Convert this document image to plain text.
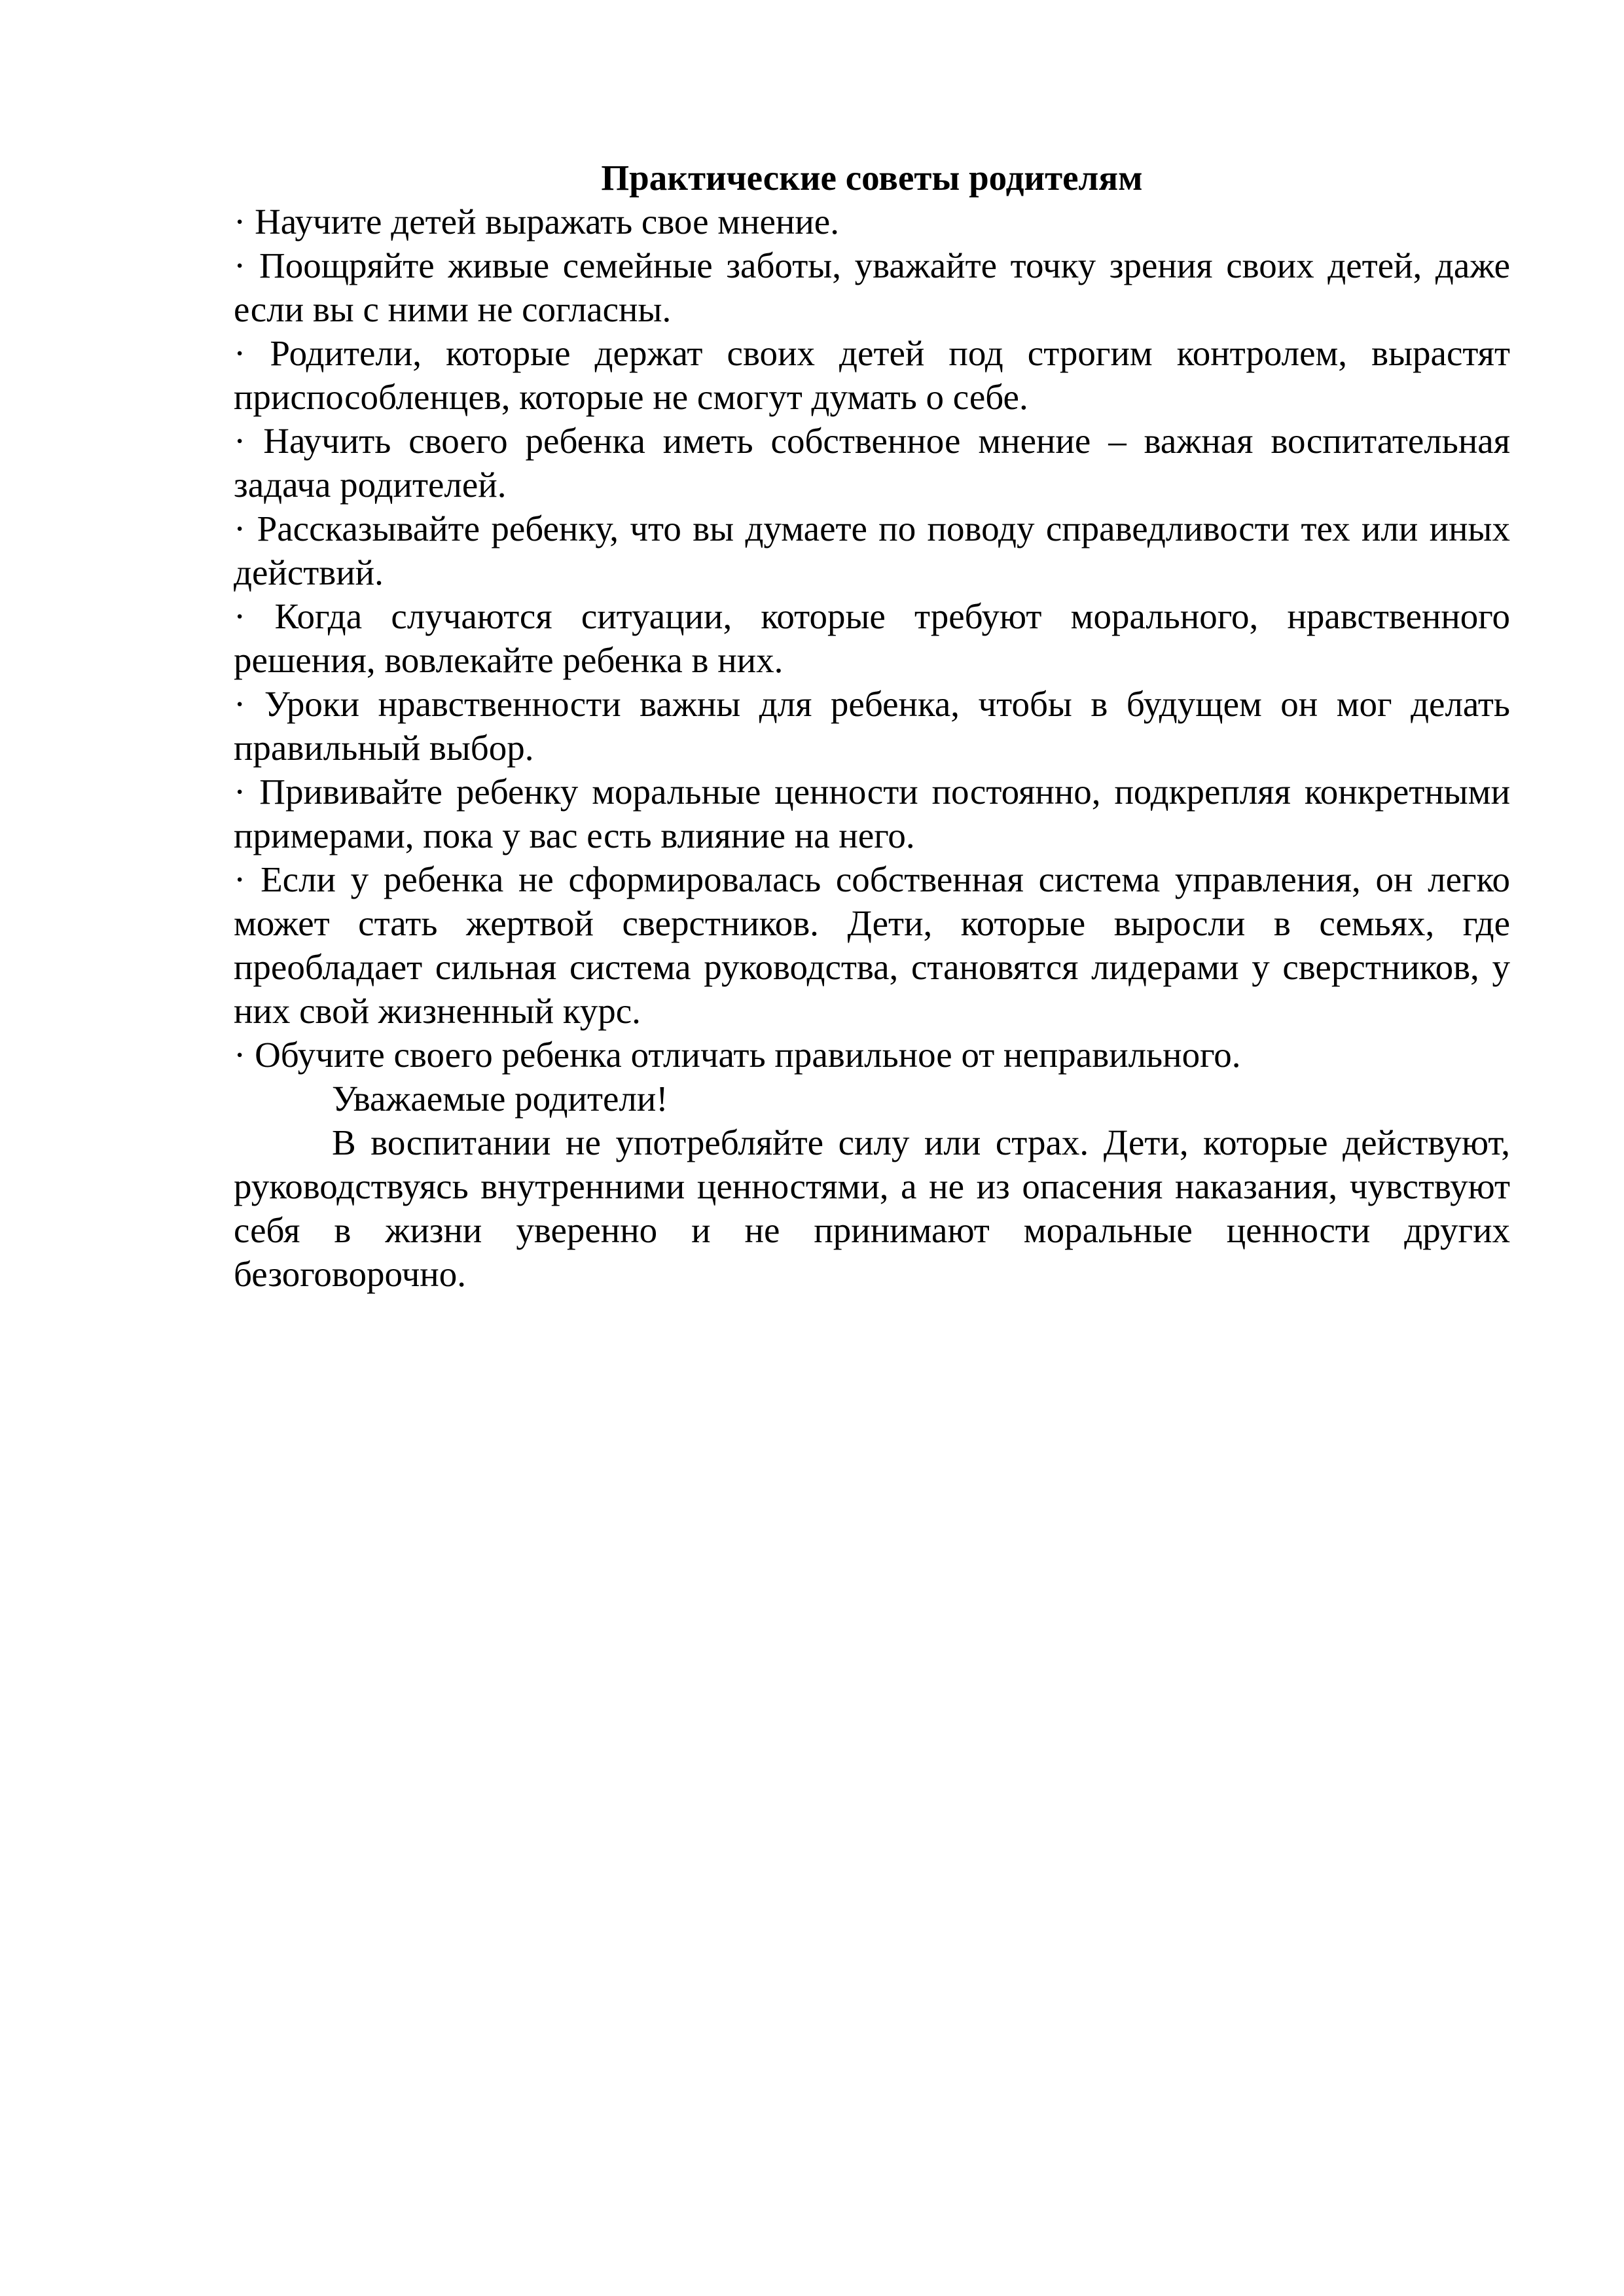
Практические советы родителям
· Научите детей выражать свое мнение.
· Поощряйте живые семейные заботы, уважайте точку зрения своих детей, даже если вы с ними не согласны.
· Родители, которые держат своих детей под строгим контролем, вырастят приспособленцев, которые не смогут думать о себе.
· Научить своего ребенка иметь собственное мнение – важная воспитательная задача родителей.
· Рассказывайте ребенку, что вы думаете по поводу справедливости тех или иных действий.
· Когда случаются ситуации, которые требуют морального, нравственного решения, вовлекайте ребенка в них.
· Уроки нравственности важны для ребенка, чтобы в будущем он мог делать правильный выбор.
· Прививайте ребенку моральные ценности постоянно, подкрепляя конкретными примерами, пока у вас есть влияние на него.
· Если у ребенка не сформировалась собственная система управления, он легко может стать жертвой сверстников. Дети, которые выросли в семьях, где преобладает сильная система руководства, становятся лидерами у сверстников, у них свой жизненный курс.
· Обучите своего ребенка отличать правильное от неправильного.

Уважаемые родители!

В воспитании не употребляйте силу или страх. Дети, которые действуют, руководствуясь внутренними ценностями, а не из опасения наказания, чувствуют себя в жизни уверенно и не принимают моральные ценности других безоговорочно.
